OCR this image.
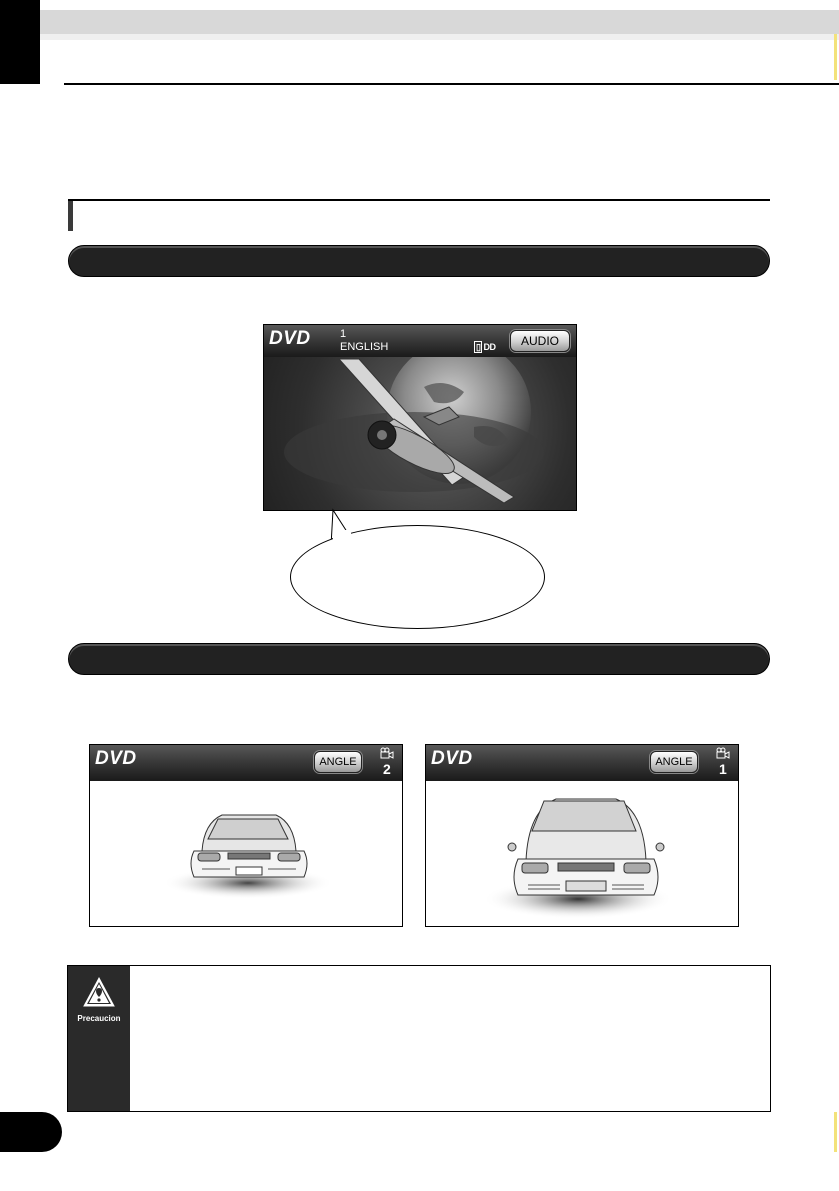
DVD	1
ENGLISH	▯ DD	AUDIO
DVD	ANGLE	2 DVD	ANGLE	1
Precaucion
